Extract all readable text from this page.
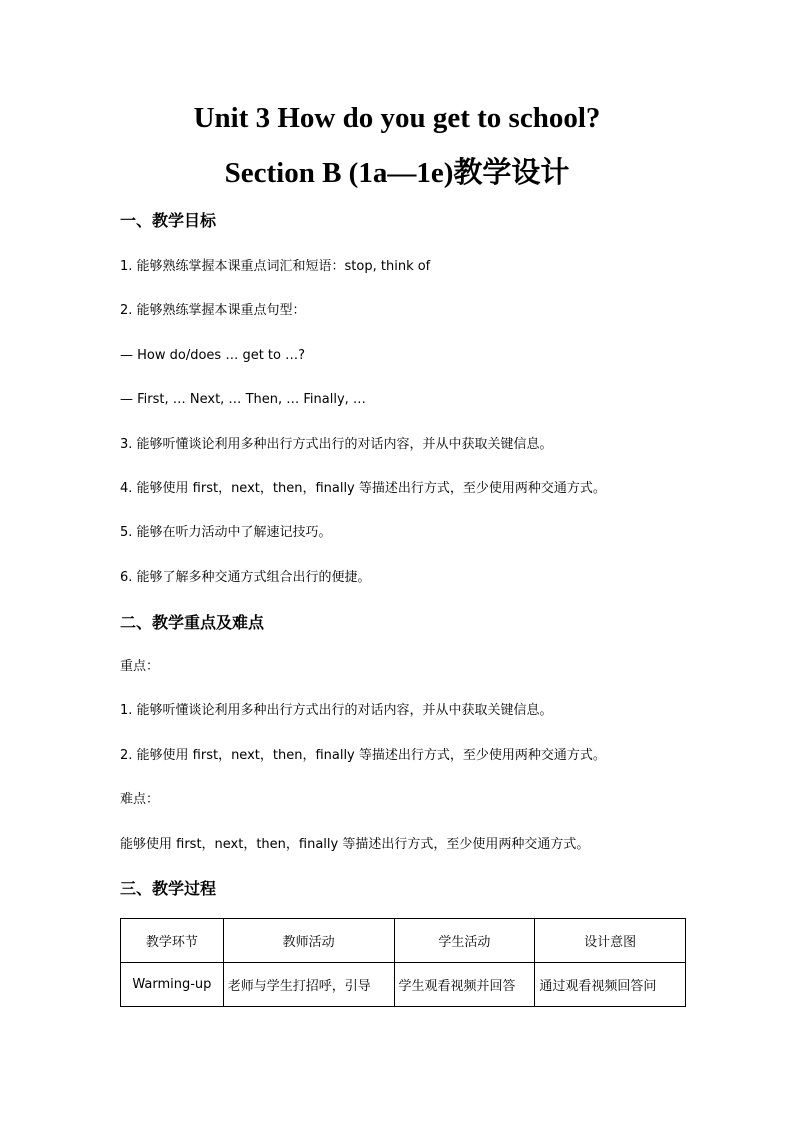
Unit 3 How do you get to school?
Section B (1a—1e)教学设计
一、教学目标
1. 能够熟练掌握本课重点词汇和短语：stop, think of
2. 能够熟练掌握本课重点句型：
— How do/does … get to …?
— First, … Next, … Then, … Finally, …
3. 能够听懂谈论利用多种出行方式出行的对话内容，并从中获取关键信息。
4. 能够使用 first，next，then，finally 等描述出行方式，至少使用两种交通方式。
5. 能够在听力活动中了解速记技巧。
6. 能够了解多种交通方式组合出行的便捷。
二、教学重点及难点
重点：
1. 能够听懂谈论利用多种出行方式出行的对话内容，并从中获取关键信息。
2. 能够使用 first，next，then，finally 等描述出行方式，至少使用两种交通方式。
难点：
能够使用 first，next，then，finally 等描述出行方式，至少使用两种交通方式。
三、教学过程
教学环节	教师活动	学生活动	设计意图
Warming-up	老师与学生打招呼，引导	学生观看视频并回答	通过观看视频回答问
